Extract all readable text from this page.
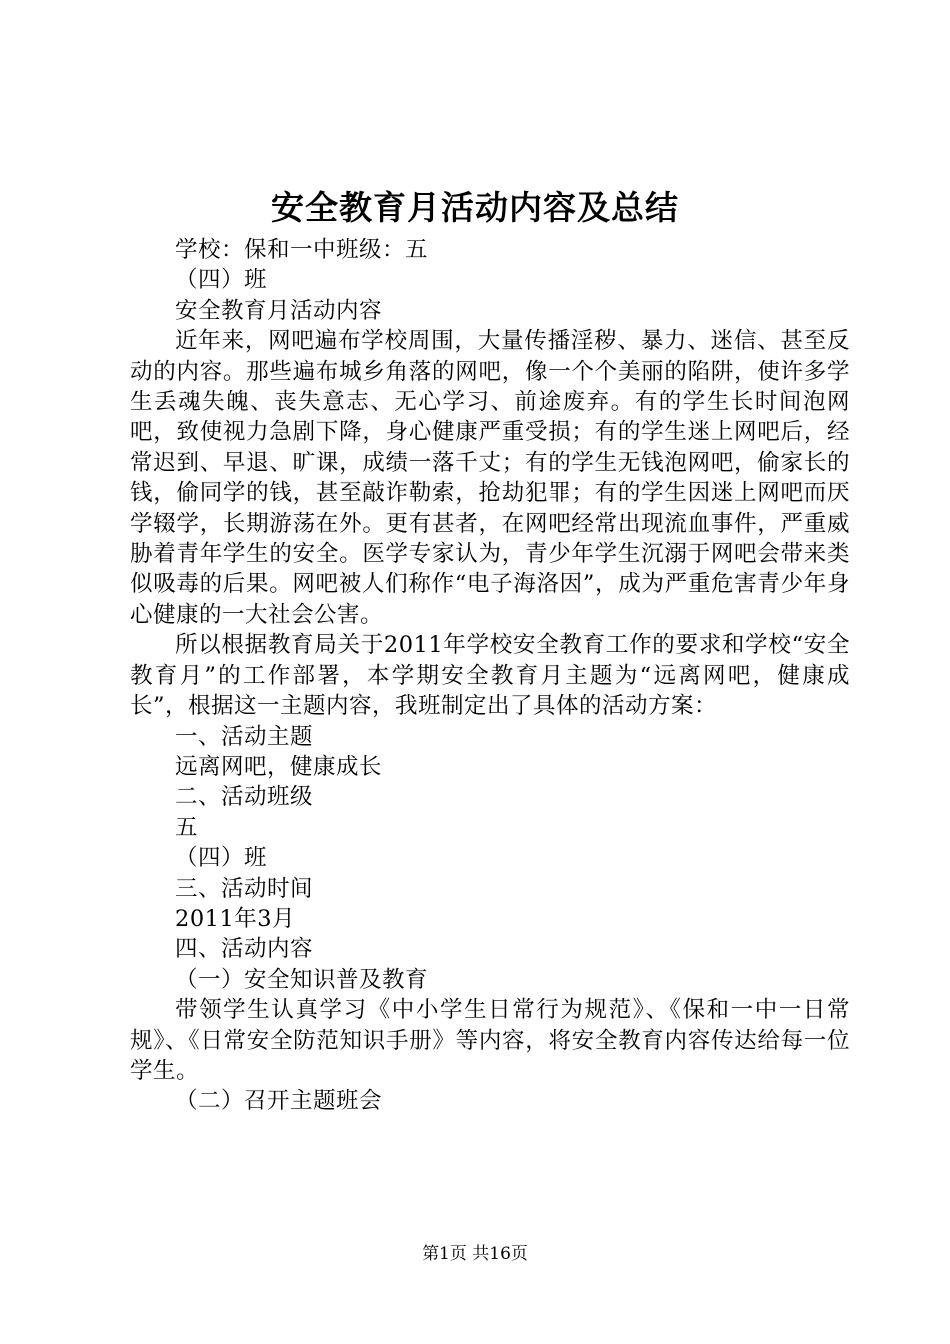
安全教育月活动内容及总结

学校：保和一中班级：五

（四）班

安全教育月活动内容

近年来，网吧遍布学校周围，大量传播淫秽、暴力、迷信、甚至反动的内容。那些遍布城乡角落的网吧，像一个个美丽的陷阱，使许多学生丢魂失魄、丧失意志、无心学习、前途废弃。有的学生长时间泡网吧，致使视力急剧下降，身心健康严重受损；有的学生迷上网吧后，经常迟到、早退、旷课，成绩一落千丈；有的学生无钱泡网吧，偷家长的钱，偷同学的钱，甚至敲诈勒索，抢劫犯罪；有的学生因迷上网吧而厌学辍学，长期游荡在外。更有甚者，在网吧经常出现流血事件，严重威胁着青年学生的安全。医学专家认为，青少年学生沉溺于网吧会带来类似吸毒的后果。网吧被人们称作“电子海洛因”，成为严重危害青少年身心健康的一大社会公害。

所以根据教育局关于2011年学校安全教育工作的要求和学校“安全教育月”的工作部署，本学期安全教育月主题为“远离网吧，健康成长”，根据这一主题内容，我班制定出了具体的活动方案：

一、活动主题

远离网吧，健康成长

二、活动班级

五

（四）班

三、活动时间

2011年3月

四、活动内容

（一）安全知识普及教育

带领学生认真学习《中小学生日常行为规范》、《保和一中一日常规》、《日常安全防范知识手册》等内容，将安全教育内容传达给每一位学生。

（二）召开主题班会

第1页 共16页
